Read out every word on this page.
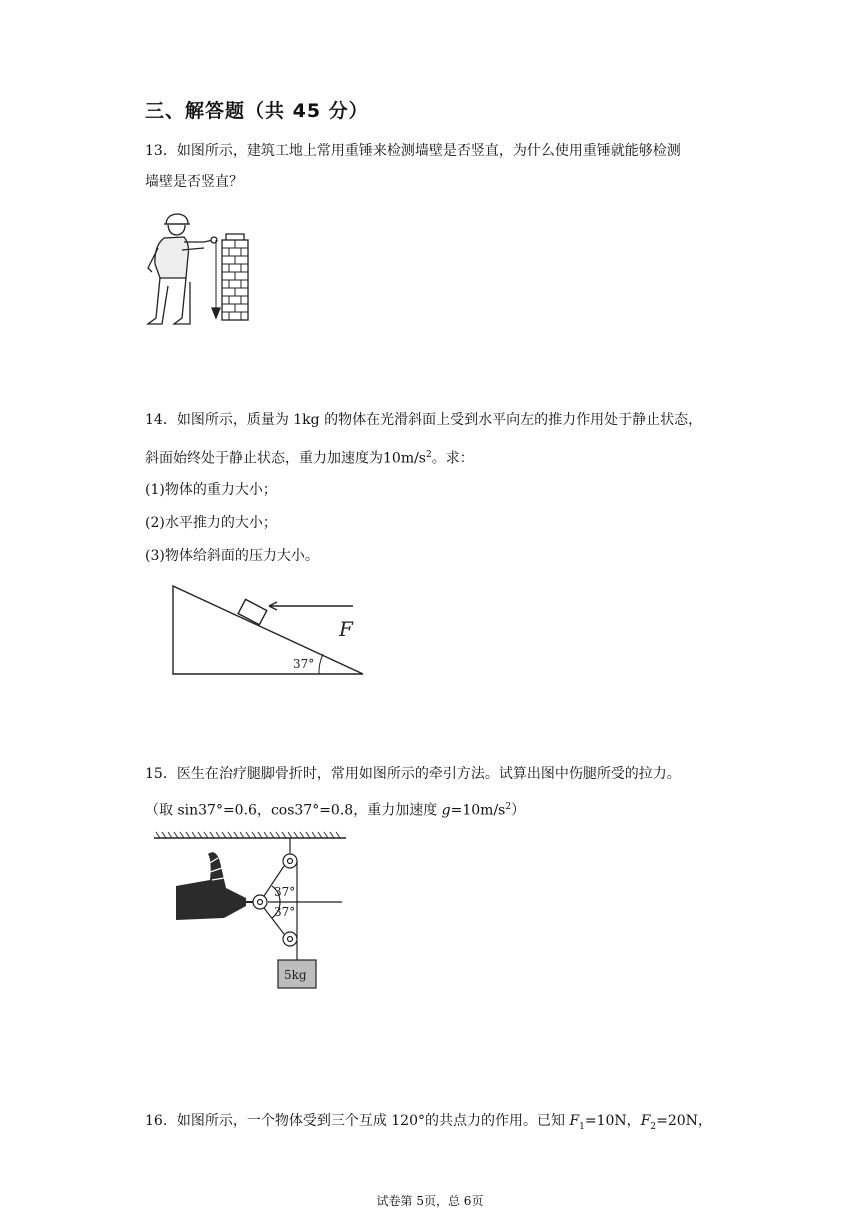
三、解答题（共 45 分）
13．如图所示，建筑工地上常用重锤来检测墙壁是否竖直，为什么使用重锤就能够检测
墙壁是否竖直？
14．如图所示，质量为 1kg 的物体在光滑斜面上受到水平向左的推力作用处于静止状态，
斜面始终处于静止状态，重力加速度为$10m/s^2$。求：
(1)物体的重力大小；
(2)水平推力的大小；
(3)物体给斜面的压力大小。
F
37°
15．医生在治疗腿脚骨折时，常用如图所示的牵引方法。试算出图中伤腿所受的拉力。
（取 sin37°=0.6，cos37°=0.8，重力加速度 $g=10m/s^2$）
37°
37°
5kg
16．如图所示，一个物体受到三个互成 120°的共点力的作用。已知 $F_1=10N$，$F_2=20N$，
试卷第 5页，总 6页
